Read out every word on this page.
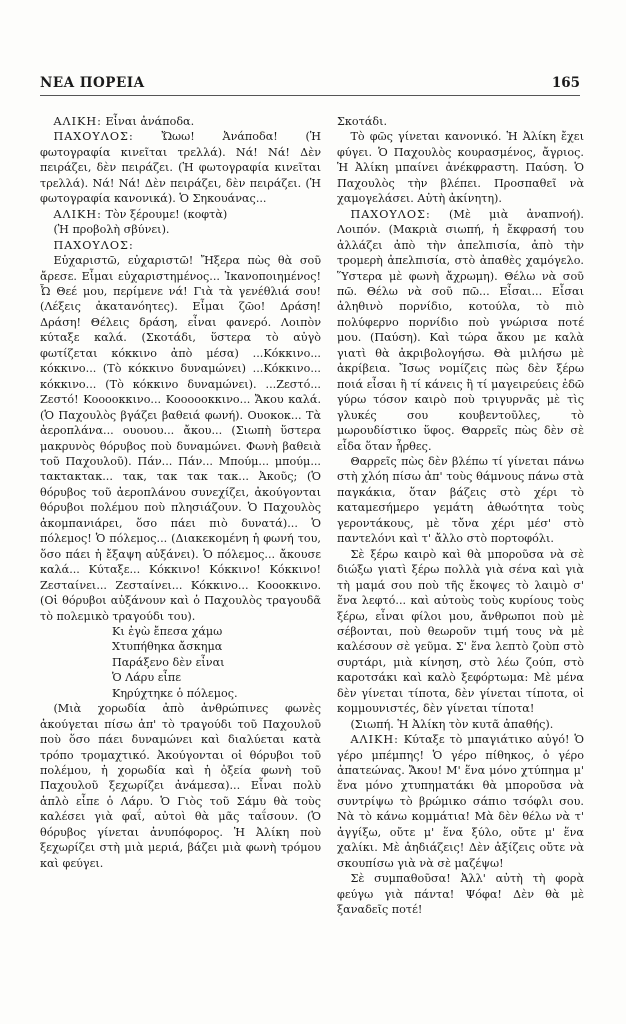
ΝΕΑ ΠΟΡΕΙΑ	165

ΑΛΙΚΗ: Εἶναι ἀνάποδα.

ΠΑΧΟΥΛΟΣ: Ὤωω! Ἀνάποδα! (Ἡ φωτογραφία κινεῖται τρελλά). Νά! Νά! Δὲν πειράζει, δὲν πειράζει. (Ἡ φωτογραφία κινεῖται τρελλά). Νά! Νά! Δὲν πειράζει, δὲν πειράζει. (Ἡ φωτογραφία κανονικά). Ὁ Σηκουάνας...

ΑΛΙΚΗ: Τὸν ξέρουμε! (κοφτὰ)

(Ἡ προβολὴ σβύνει).

ΠΑΧΟΥΛΟΣ:

Εὐχαριστῶ, εὐχαριστῶ! Ἤξερα πὼς θὰ σοῦ ἄρεσε. Εἶμαι εὐχαριστημένος... Ἱκανοποιημένος! Ὦ Θεέ μου, περίμενε νά! Γιὰ τὰ γενέθλιά σου! (Λέξεις ἀκατανόητες). Εἶμαι ζῶο! Δράση! Δράση! Θέλεις δράση, εἶναι φανερό. Λοιπὸν κύταξε καλά. (Σκοτάδι, ὕστερα τὸ αὐγὸ φωτίζεται κόκκινο ἀπὸ μέσα) ...Κόκκινο... κόκκινο... (Τὸ κόκκινο δυναμώνει) ...Κόκκινο... κόκκινο... (Τὸ κόκκινο δυναμώνει). ...Ζεστό... Ζεστό! Κοοοοκκινο... Κοοοοοκκινο... Ἄκου καλά. (Ὁ Παχουλὸς βγάζει βαθειά φωνή). Ουοκοκ... Τὰ ἀεροπλάνα... ουουου... ἄκου... (Σιωπὴ ὕστερα μακρυνὸς θόρυβος ποὺ δυναμώνει. Φωνὴ βαθειὰ τοῦ Παχουλοῦ). Πάν... Πάν... Μπούμ... μπούμ... τακτακτακ... τακ, τακ τακ τακ... Ἀκοῦς; (Ὁ θόρυβος τοῦ ἀεροπλάνου συνεχίζει, ἀκούγονται θόρυβοι πολέμου ποὺ πλησιάζουν. Ὁ Παχουλὸς ἀκομπανιάρει, ὅσο πάει πιὸ δυνατά)... Ὁ πόλεμος! Ὁ πόλεμος... (Διακεκομένη ἡ φωνή του, ὅσο πάει ἡ ἔξαψη αὐξάνει). Ὁ πόλεμος... ἄκουσε καλά... Κύταξε... Κόκκινο! Κόκκινο! Κόκκινο! Ζεσταίνει... Ζεσταίνει... Κόκκινο... Κοοοκκινο. (Οἱ θόρυβοι αὐξάνουν καὶ ὁ Παχουλὸς τραγουδᾶ τὸ πολεμικὸ τραγούδι του).

Κι ἐγὼ ἔπεσα χάμω

Χτυπήθηκα ἄσκημα

Παράξενο δὲν εἶναι

Ὁ Λάρυ εἶπε

Κηρύχτηκε ὁ πόλεμος.

(Μιὰ χορωδία ἀπὸ ἀνθρώπινες φωνὲς ἀκούγεται πίσω ἀπ' τὸ τραγούδι τοῦ Παχουλοῦ ποὺ ὅσο πάει δυναμώνει καὶ διαλύεται κατὰ τρόπο τρομαχτικό. Ἀκούγονται οἱ θόρυβοι τοῦ πολέμου, ἡ χορωδία καὶ ἡ ὀξεία φωνὴ τοῦ Παχουλοῦ ξεχωρίζει ἀνάμεσα)... Εἶναι πολὺ ἁπλὸ εἶπε ὁ Λάρυ. Ὁ Γιὸς τοῦ Σάμυ θὰ τοὺς καλέσει γιὰ φαΐ, αὐτοὶ θὰ μᾶς ταΐσουν. (Ὁ θόρυβος γίνεται ἀνυπόφορος. Ἡ Ἀλίκη ποὺ ξεχωρίζει στὴ μιὰ μεριά, βάζει μιὰ φωνὴ τρόμου καὶ φεύγει.

Σκοτάδι.

Τὸ φῶς γίνεται κανονικό. Ἡ Ἀλίκη ἔχει φύγει. Ὁ Παχουλὸς κουρασμένος, ἄγριος. Ἡ Ἀλίκη μπαίνει ἀνέκφραστη. Παύση. Ὁ Παχουλὸς τὴν βλέπει. Προσπαθεῖ νὰ χαμογελάσει. Αὐτὴ ἀκίνητη).

ΠΑΧΟΥΛΟΣ: (Μὲ μιὰ ἀναπνοή). Λοιπόν. (Μακριὰ σιωπή, ἡ ἔκφρασή του ἀλλάζει ἀπὸ τὴν ἀπελπισία, ἀπὸ τὴν τρομερὴ ἀπελπισία, στὸ ἀπαθὲς χαμόγελο. Ὕστερα μὲ φωνὴ ἄχρωμη). Θέλω νὰ σοῦ πῶ. Θέλω νὰ σοῦ πῶ... Εἶσαι... Εἶσαι ἀληθινὸ πορνίδιο, κοτούλα, τὸ πιὸ πολύφερνο πορνίδιο ποὺ γνώρισα ποτέ μου. (Παύση). Καὶ τώρα ἄκου με καλὰ γιατὶ θὰ ἀκριβολογήσω. Θὰ μιλήσω μὲ ἀκρίβεια. Ἴσως νομίζεις πὼς δὲν ξέρω ποιά εἶσαι ἢ τί κάνεις ἢ τί μαγειρεύεις ἐδῶ γύρω τόσον καιρὸ ποὺ τριγυρνᾶς μὲ τὶς γλυκές σου κουβεντοῦλες, τὸ μωρουδίστικο ὕφος. Θαρρεῖς πὼς δὲν σὲ εἶδα ὅταν ἦρθες.

Θαρρεῖς πὼς δὲν βλέπω τί γίνεται πάνω στὴ χλόη πίσω ἀπ' τοὺς θάμνους πάνω στὰ παγκάκια, ὅταν βάζεις στὸ χέρι τὸ καταμεσήμερο γεμάτη ἀθωότητα τοὺς γεροντάκους, μὲ τὄνα χέρι μέσ' στὸ παντελόνι καὶ τ' ἄλλο στὸ πορτοφόλι.

Σὲ ξέρω καιρὸ καὶ θὰ μποροῦσα νὰ σὲ διώξω γιατὶ ξέρω πολλὰ γιὰ σένα καὶ γιὰ τὴ μαμά σου ποὺ τῆς ἔκοψες τὸ λαιμὸ σ' ἕνα λεφτό... καὶ αὐτοὺς τοὺς κυρίους τοὺς ξέρω, εἶναι φίλοι μου, ἄνθρωποι ποὺ μὲ σέβονται, ποὺ θεωροῦν τιμή τους νὰ μὲ καλέσουν σὲ γεῦμα. Σ' ἕνα λεπτὸ ζοὺπ στὸ συρτάρι, μιὰ κίνηση, στὸ λέω ζούπ, στὸ καροτσάκι καὶ καλὸ ξεφόρτωμα: Μὲ μένα δὲν γίνεται τίποτα, δὲν γίνεται τίποτα, οἱ κομμουνιστές, δὲν γίνεται τίποτα!

(Σιωπή. Ἡ Ἀλίκη τὸν κυτᾶ ἀπαθής).

ΑΛΙΚΗ: Κύταξε τὸ μπαγιάτικο αὐγό! Ὁ γέρο μπέμπης! Ὁ γέρο πίθηκος, ὁ γέρο ἀπατεώνας. Ἄκου! Μ' ἕνα μόνο χτύπημα μ' ἕνα μόνο χτυπηματάκι θὰ μποροῦσα νὰ συντρίψω τὸ βρώμικο σάπιο τσόφλι σου. Νὰ τὸ κάνω κομμάτια! Μὰ δὲν θέλω νὰ τ' ἀγγίξω, οὔτε μ' ἕνα ξύλο, οὔτε μ' ἕνα χαλίκι. Μὲ ἀηδιάζεις! Δὲν ἀξίζεις οὔτε νὰ σκουπίσω γιὰ νὰ σὲ μαζέψω!

Σὲ συμπαθοῦσα! Ἀλλ' αὐτὴ τὴ φορὰ φεύγω γιὰ πάντα! Ψόφα! Δὲν θὰ μὲ ξαναδεῖς ποτέ!
